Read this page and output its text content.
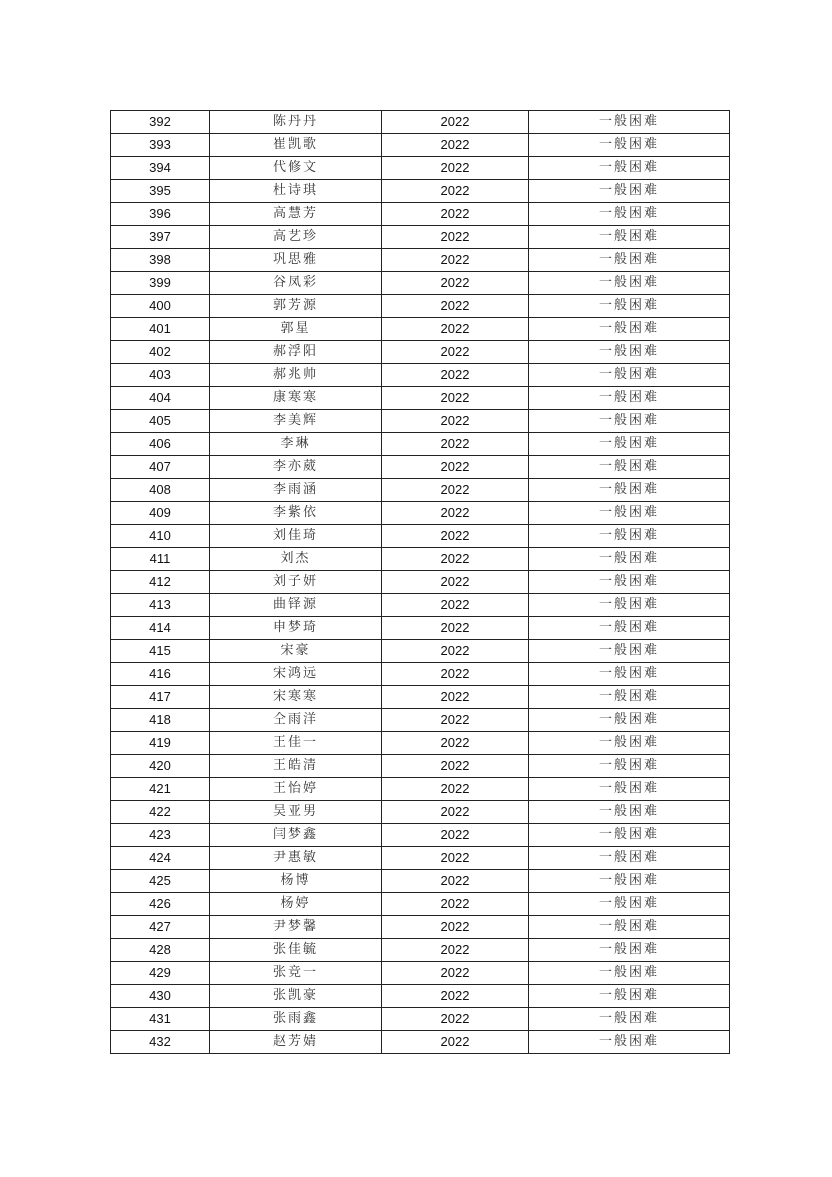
392	陈丹丹	2022	一般困难
393	崔凯歌	2022	一般困难
394	代修文	2022	一般困难
395	杜诗琪	2022	一般困难
396	高慧芳	2022	一般困难
397	高艺珍	2022	一般困难
398	巩思雅	2022	一般困难
399	谷凤彩	2022	一般困难
400	郭芳源	2022	一般困难
401	郭星	2022	一般困难
402	郝浮阳	2022	一般困难
403	郝兆帅	2022	一般困难
404	康寒寒	2022	一般困难
405	李美辉	2022	一般困难
406	李琳	2022	一般困难
407	李亦葳	2022	一般困难
408	李雨涵	2022	一般困难
409	李紫依	2022	一般困难
410	刘佳琦	2022	一般困难
411	刘杰	2022	一般困难
412	刘子妍	2022	一般困难
413	曲铎源	2022	一般困难
414	申梦琦	2022	一般困难
415	宋豪	2022	一般困难
416	宋鸿远	2022	一般困难
417	宋寒寒	2022	一般困难
418	仝雨洋	2022	一般困难
419	王佳一	2022	一般困难
420	王皓清	2022	一般困难
421	王怡婷	2022	一般困难
422	吴亚男	2022	一般困难
423	闫梦鑫	2022	一般困难
424	尹惠敏	2022	一般困难
425	杨博	2022	一般困难
426	杨婷	2022	一般困难
427	尹梦馨	2022	一般困难
428	张佳毓	2022	一般困难
429	张竞一	2022	一般困难
430	张凯豪	2022	一般困难
431	张雨鑫	2022	一般困难
432	赵芳婧	2022	一般困难
